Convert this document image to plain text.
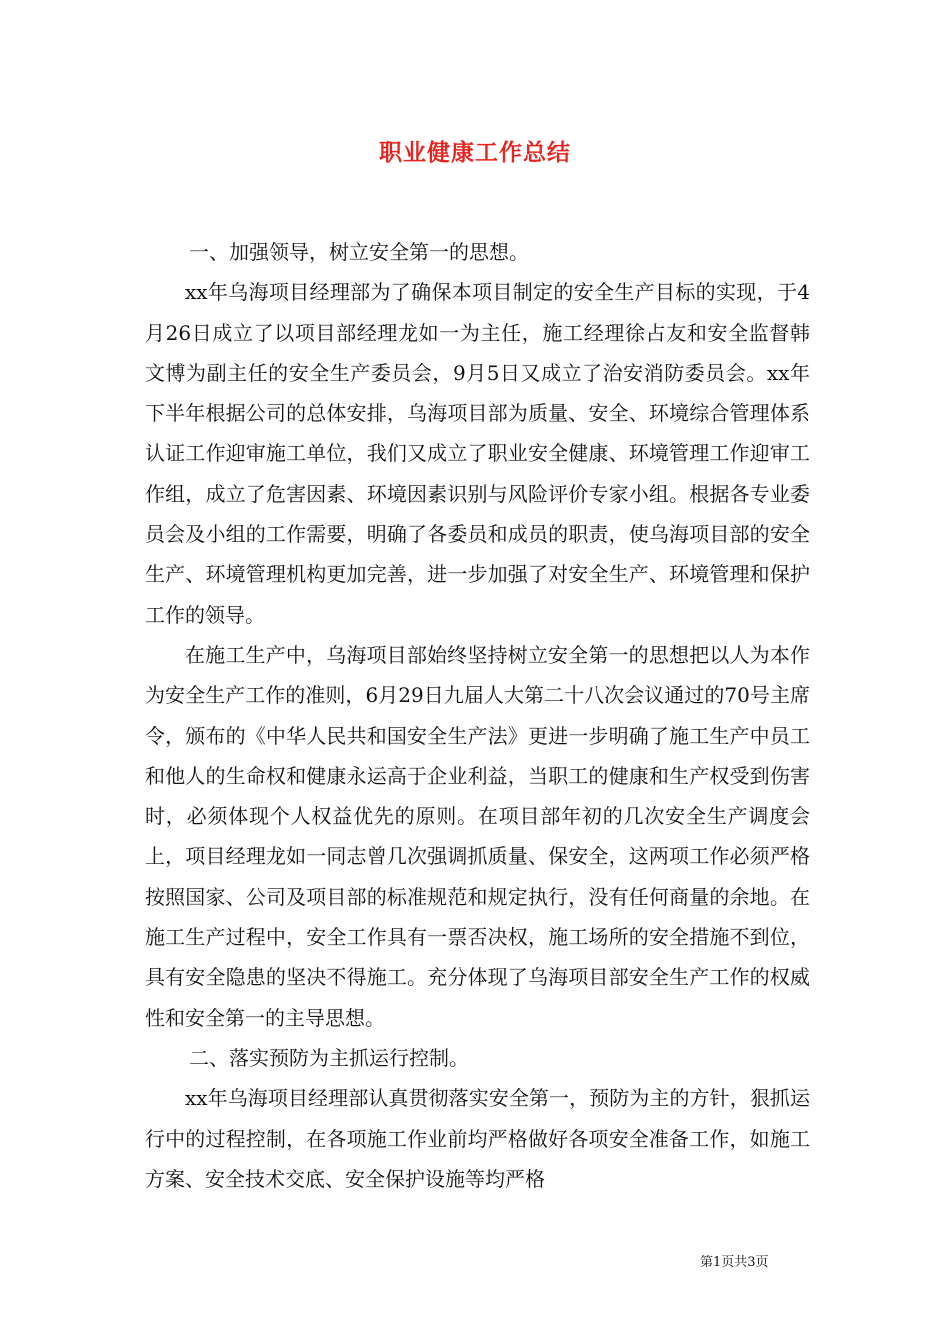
职业健康工作总结

一、加强领导，树立安全第一的思想。

xx年乌海项目经理部为了确保本项目制定的安全生产目标的实现，于4月26日成立了以项目部经理龙如一为主任，施工经理徐占友和安全监督韩文博为副主任的安全生产委员会，9月5日又成立了治安消防委员会。xx年下半年根据公司的总体安排，乌海项目部为质量、安全、环境综合管理体系认证工作迎审施工单位，我们又成立了职业安全健康、环境管理工作迎审工作组，成立了危害因素、环境因素识别与风险评价专家小组。根据各专业委员会及小组的工作需要，明确了各委员和成员的职责，使乌海项目部的安全生产、环境管理机构更加完善，进一步加强了对安全生产、环境管理和保护工作的领导。

在施工生产中，乌海项目部始终坚持树立安全第一的思想把以人为本作为安全生产工作的准则，6月29日九届人大第二十八次会议通过的70号主席令，颁布的《中华人民共和国安全生产法》更进一步明确了施工生产中员工和他人的生命权和健康永运高于企业利益，当职工的健康和生产权受到伤害时，必须体现个人权益优先的原则。在项目部年初的几次安全生产调度会上，项目经理龙如一同志曾几次强调抓质量、保安全，这两项工作必须严格按照国家、公司及项目部的标准规范和规定执行，没有任何商量的余地。在施工生产过程中，安全工作具有一票否决权，施工场所的安全措施不到位，具有安全隐患的坚决不得施工。充分体现了乌海项目部安全生产工作的权威性和安全第一的主导思想。

二、落实预防为主抓运行控制。

xx年乌海项目经理部认真贯彻落实安全第一，预防为主的方针，狠抓运行中的过程控制，在各项施工作业前均严格做好各项安全准备工作，如施工方案、安全技术交底、安全保护设施等均严格

第1页共3页
